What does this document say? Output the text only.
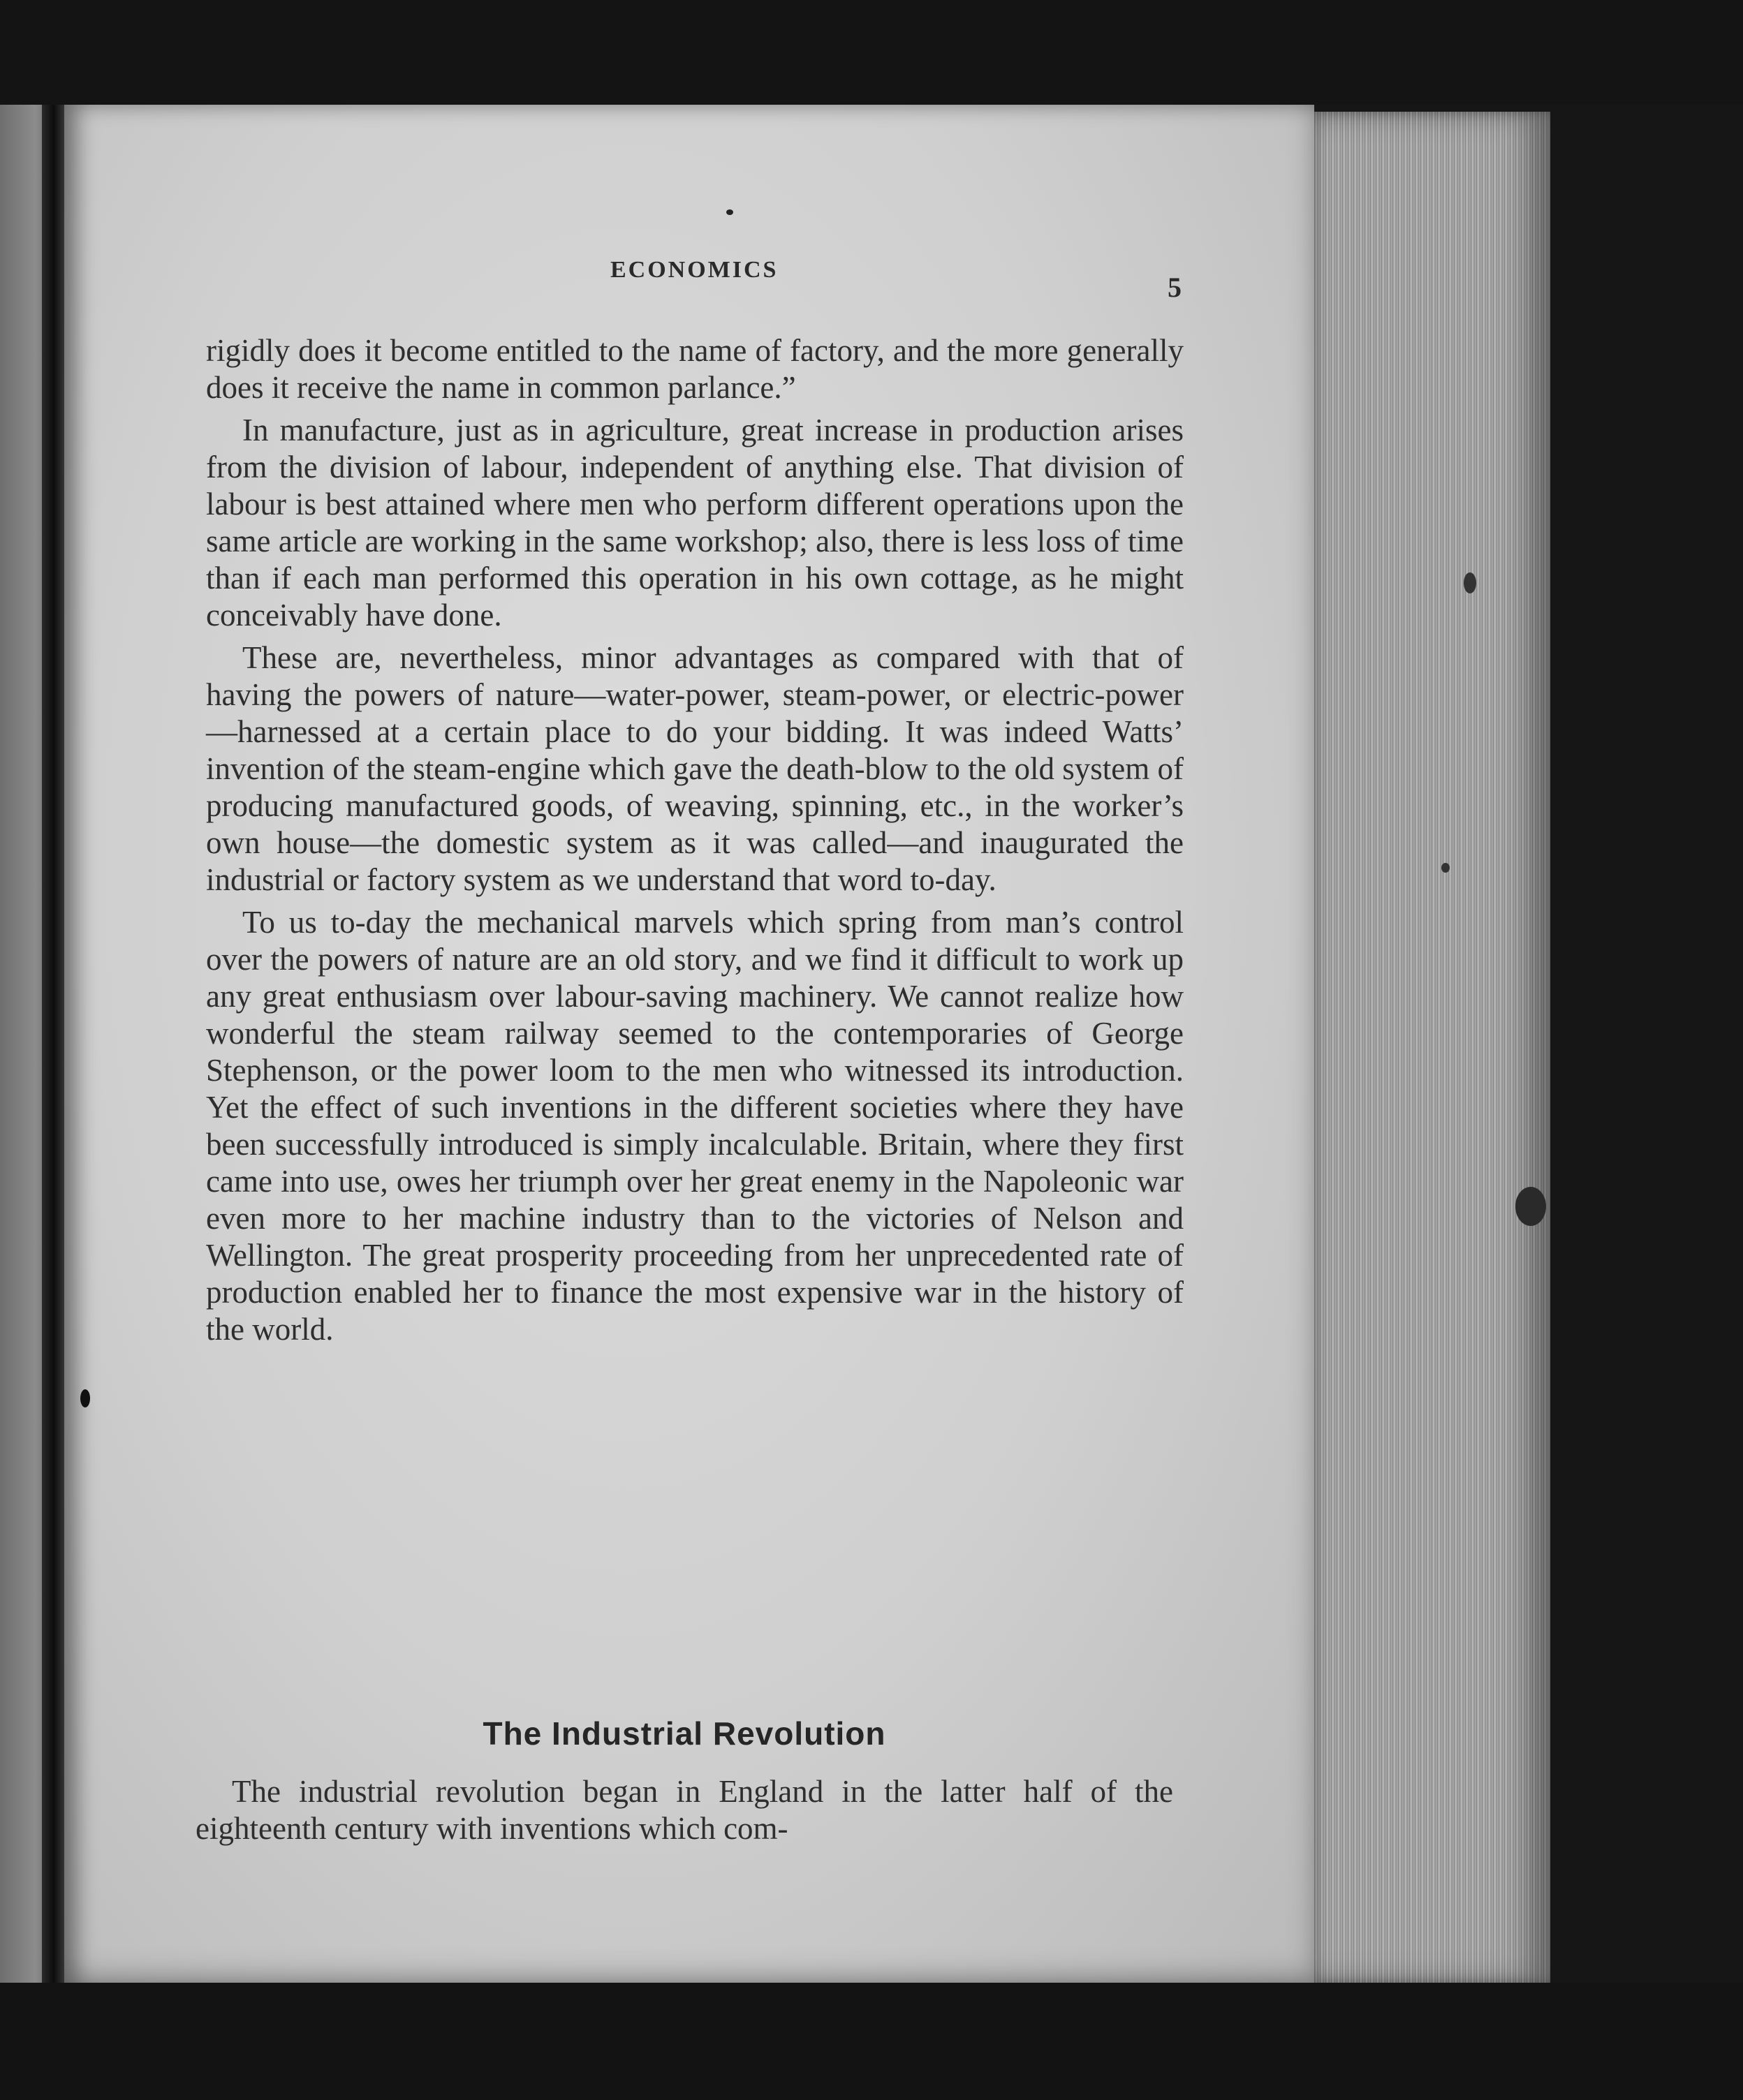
ECONOMICS
5

rigidly does it become entitled to the name of factory, and the more generally does it receive the name in common parlance.”

In manufacture, just as in agriculture, great increase in production arises from the division of labour, independent of anything else. That division of labour is best attained where men who perform different operations upon the same article are working in the same workshop; also, there is less loss of time than if each man performed this operation in his own cottage, as he might conceivably have done.

These are, nevertheless, minor advantages as compared with that of having the powers of nature—water-power, steam-power, or electric-power—harnessed at a certain place to do your bidding. It was indeed Watts’ invention of the steam-engine which gave the death-blow to the old system of producing manufactured goods, of weaving, spinning, etc., in the worker’s own house—the domestic system as it was called—and inaugurated the industrial or factory system as we understand that word to-day.

To us to-day the mechanical marvels which spring from man’s control over the powers of nature are an old story, and we find it difficult to work up any great enthusiasm over labour-saving machinery. We cannot realize how wonderful the steam railway seemed to the contemporaries of George Stephenson, or the power loom to the men who witnessed its introduction. Yet the effect of such inventions in the different societies where they have been successfully introduced is simply incalculable. Britain, where they first came into use, owes her triumph over her great enemy in the Napoleonic war even more to her machine industry than to the victories of Nelson and Wellington. The great prosperity proceeding from her unprecedented rate of production enabled her to finance the most expensive war in the history of the world.

The Industrial Revolution

The industrial revolution began in England in the latter half of the eighteenth century with inventions which com-
